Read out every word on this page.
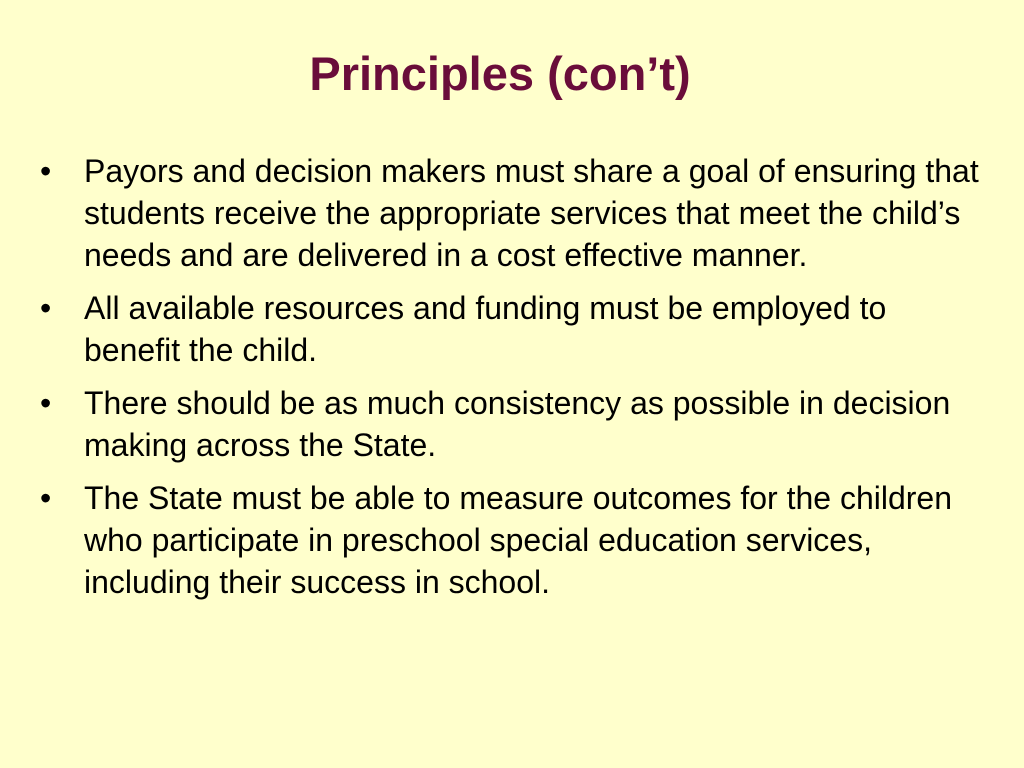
Principles (con’t)
•	Payors and decision makers must share a goal of ensuring that students receive the appropriate services that meet the child’s needs and are delivered in a cost effective manner.
•	All available resources and funding must be employed to benefit the child.
•	There should be as much consistency as possible in decision making across the State.
•	The State must be able to measure outcomes for the children who participate in preschool special education services, including their success in school.
